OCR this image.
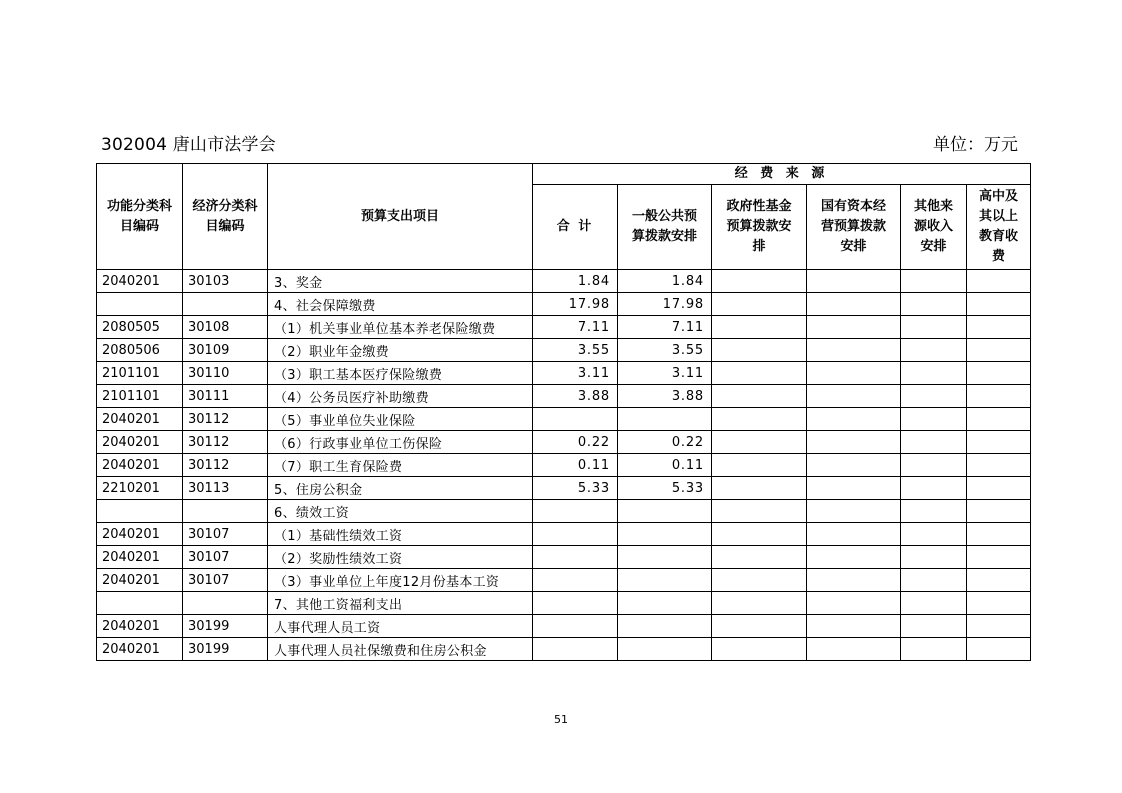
302004 唐山市法学会	单位：万元
功能分类科目编码	经济分类科目编码	预算支出项目	经 费 来 源					
			合 计	一般公共预算拨款安排	政府性基金预算拨款安排	国有资本经营预算拨款安排	其他来源收入安排	高中及其以上教育收费
2040201	30103	3、奖金	1.84	1.84				
		4、社会保障缴费	17.98	17.98				
2080505	30108	（1）机关事业单位基本养老保险缴费	7.11	7.11				
2080506	30109	（2）职业年金缴费	3.55	3.55				
2101101	30110	（3）职工基本医疗保险缴费	3.11	3.11				
2101101	30111	（4）公务员医疗补助缴费	3.88	3.88				
2040201	30112	（5）事业单位失业保险						
2040201	30112	（6）行政事业单位工伤保险	0.22	0.22				
2040201	30112	（7）职工生育保险费	0.11	0.11				
2210201	30113	5、住房公积金	5.33	5.33				
		6、绩效工资						
2040201	30107	（1）基础性绩效工资						
2040201	30107	（2）奖励性绩效工资						
2040201	30107	（3）事业单位上年度12月份基本工资						
		7、其他工资福利支出						
2040201	30199	人事代理人员工资						
2040201	30199	人事代理人员社保缴费和住房公积金						
51
